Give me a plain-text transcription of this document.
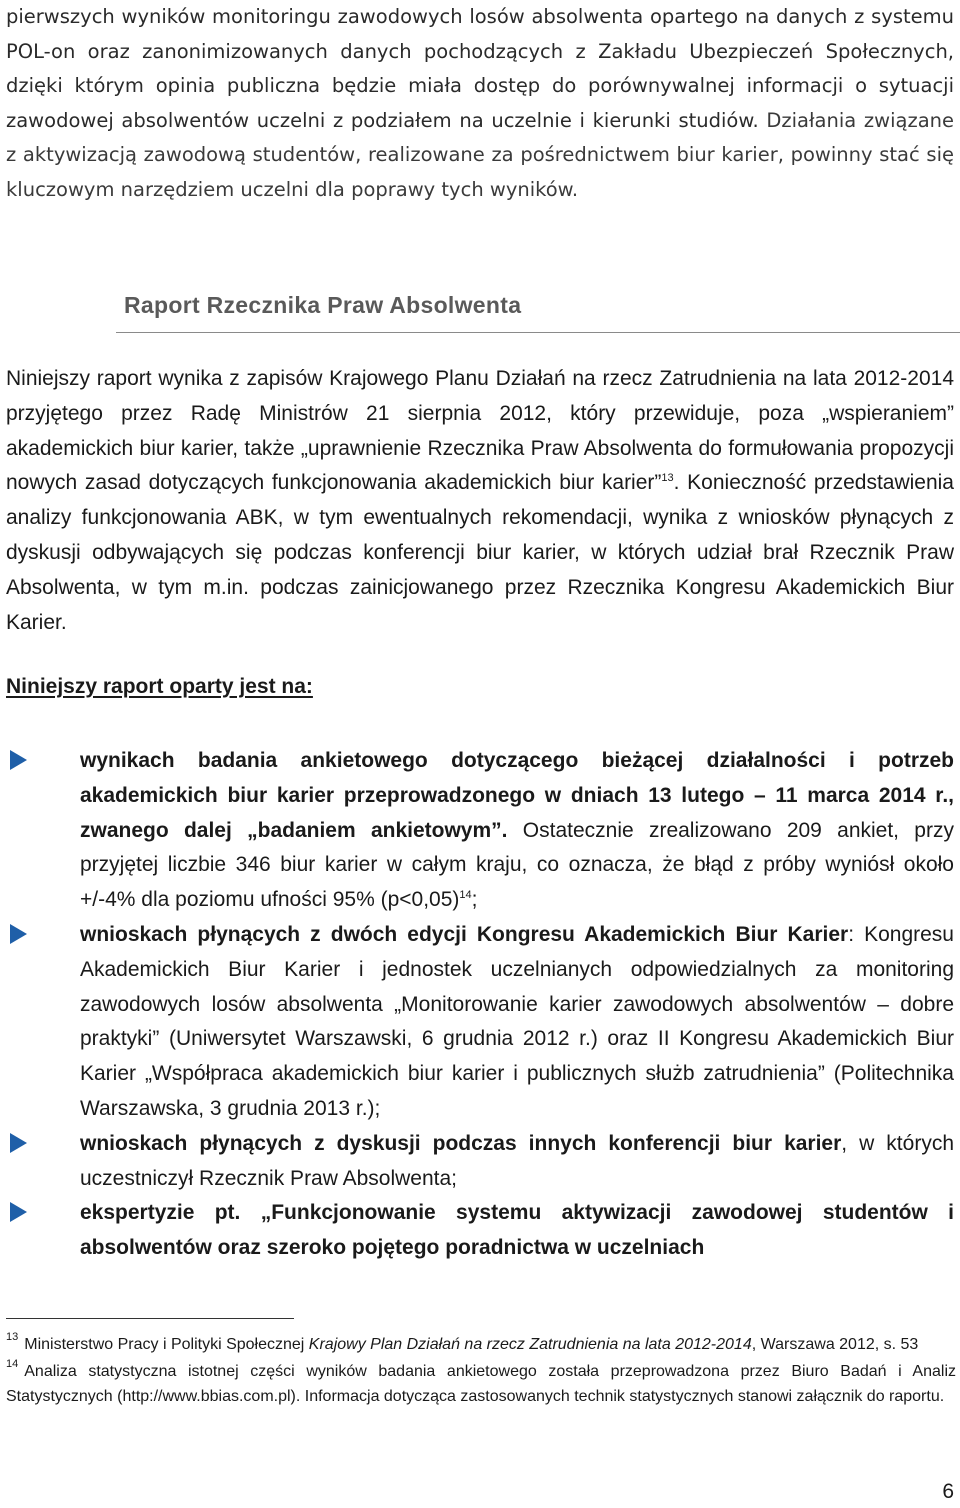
pierwszych wyników monitoringu zawodowych losów absolwenta opartego na danych z systemu POL-on oraz zanonimizowanych danych pochodzących z Zakładu Ubezpieczeń Społecznych, dzięki którym opinia publiczna będzie miała dostęp do porównywalnej informacji o sytuacji zawodowej absolwentów uczelni z podziałem na uczelnie i kierunki studiów. Działania związane z aktywizacją zawodową studentów, realizowane za pośrednictwem biur karier, powinny stać się kluczowym narzędziem uczelni dla poprawy tych wyników.

Raport Rzecznika Praw Absolwenta

Niniejszy raport wynika z zapisów Krajowego Planu Działań na rzecz Zatrudnienia na lata 2012-2014 przyjętego przez Radę Ministrów 21 sierpnia 2012, który przewiduje, poza „wspieraniem” akademickich biur karier, także „uprawnienie Rzecznika Praw Absolwenta do formułowania propozycji nowych zasad dotyczących funkcjonowania akademickich biur karier”$^{13}$. Konieczność przedstawienia analizy funkcjonowania ABK, w tym ewentualnych rekomendacji, wynika z wniosków płynących z dyskusji odbywających się podczas konferencji biur karier, w których udział brał Rzecznik Praw Absolwenta, w tym m.in. podczas zainicjowanego przez Rzecznika Kongresu Akademickich Biur Karier.

Niniejszy raport oparty jest na:
wynikach badania ankietowego dotyczącego bieżącej działalności i potrzeb akademickich biur karier przeprowadzonego w dniach 13 lutego – 11 marca 2014 r., zwanego dalej „badaniem ankietowym”. Ostatecznie zrealizowano 209 ankiet, przy przyjętej liczbie 346 biur karier w całym kraju, co oznacza, że błąd z próby wyniósł około +/-4% dla poziomu ufności 95% (p<0,05)$^{14}$;
wnioskach płynących z dwóch edycji Kongresu Akademickich Biur Karier: Kongresu Akademickich Biur Karier i jednostek uczelnianych odpowiedzialnych za monitoring zawodowych losów absolwenta „Monitorowanie karier zawodowych absolwentów – dobre praktyki” (Uniwersytet Warszawski, 6 grudnia 2012 r.) oraz II Kongresu Akademickich Biur Karier „Współpraca akademickich biur karier i publicznych służb zatrudnienia” (Politechnika Warszawska, 3 grudnia 2013 r.);
wnioskach płynących z dyskusji podczas innych konferencji biur karier, w których uczestniczył Rzecznik Praw Absolwenta;
ekspertyzie pt. „Funkcjonowanie systemu aktywizacji zawodowej studentów i absolwentów oraz szeroko pojętego poradnictwa w uczelniach

$^{13}$ Ministerstwo Pracy i Polityki Społecznej Krajowy Plan Działań na rzecz Zatrudnienia na lata 2012-2014, Warszawa 2012, s. 53

$^{14}$ Analiza statystyczna istotnej części wyników badania ankietowego została przeprowadzona przez Biuro Badań i Analiz Statystycznych (http://www.bbias.com.pl). Informacja dotycząca zastosowanych technik statystycznych stanowi załącznik do raportu.

6
